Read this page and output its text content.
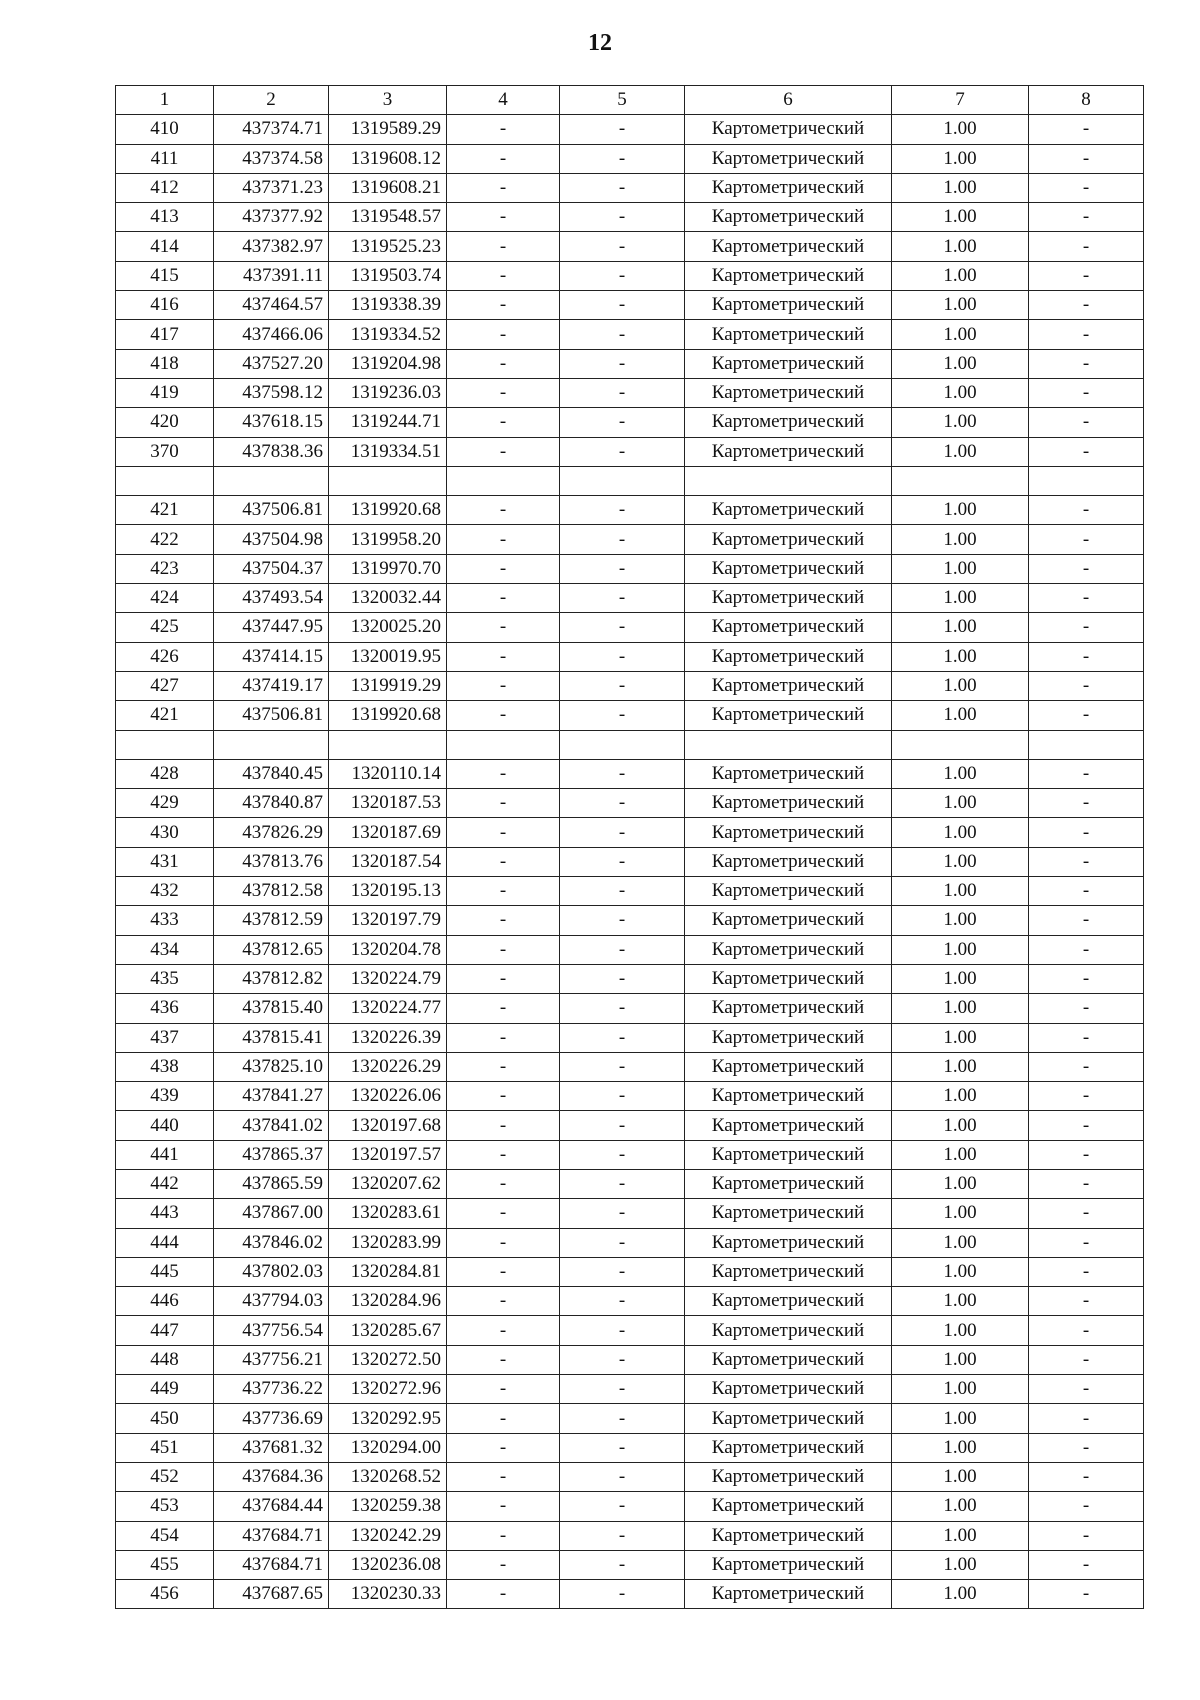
12
1	2	3	4	5	6	7	8
410	437374.71	1319589.29	-	-	Картометрический	1.00	-
411	437374.58	1319608.12	-	-	Картометрический	1.00	-
412	437371.23	1319608.21	-	-	Картометрический	1.00	-
413	437377.92	1319548.57	-	-	Картометрический	1.00	-
414	437382.97	1319525.23	-	-	Картометрический	1.00	-
415	437391.11	1319503.74	-	-	Картометрический	1.00	-
416	437464.57	1319338.39	-	-	Картометрический	1.00	-
417	437466.06	1319334.52	-	-	Картометрический	1.00	-
418	437527.20	1319204.98	-	-	Картометрический	1.00	-
419	437598.12	1319236.03	-	-	Картометрический	1.00	-
420	437618.15	1319244.71	-	-	Картометрический	1.00	-
370	437838.36	1319334.51	-	-	Картометрический	1.00	-

421	437506.81	1319920.68	-	-	Картометрический	1.00	-
422	437504.98	1319958.20	-	-	Картометрический	1.00	-
423	437504.37	1319970.70	-	-	Картометрический	1.00	-
424	437493.54	1320032.44	-	-	Картометрический	1.00	-
425	437447.95	1320025.20	-	-	Картометрический	1.00	-
426	437414.15	1320019.95	-	-	Картометрический	1.00	-
427	437419.17	1319919.29	-	-	Картометрический	1.00	-
421	437506.81	1319920.68	-	-	Картометрический	1.00	-

428	437840.45	1320110.14	-	-	Картометрический	1.00	-
429	437840.87	1320187.53	-	-	Картометрический	1.00	-
430	437826.29	1320187.69	-	-	Картометрический	1.00	-
431	437813.76	1320187.54	-	-	Картометрический	1.00	-
432	437812.58	1320195.13	-	-	Картометрический	1.00	-
433	437812.59	1320197.79	-	-	Картометрический	1.00	-
434	437812.65	1320204.78	-	-	Картометрический	1.00	-
435	437812.82	1320224.79	-	-	Картометрический	1.00	-
436	437815.40	1320224.77	-	-	Картометрический	1.00	-
437	437815.41	1320226.39	-	-	Картометрический	1.00	-
438	437825.10	1320226.29	-	-	Картометрический	1.00	-
439	437841.27	1320226.06	-	-	Картометрический	1.00	-
440	437841.02	1320197.68	-	-	Картометрический	1.00	-
441	437865.37	1320197.57	-	-	Картометрический	1.00	-
442	437865.59	1320207.62	-	-	Картометрический	1.00	-
443	437867.00	1320283.61	-	-	Картометрический	1.00	-
444	437846.02	1320283.99	-	-	Картометрический	1.00	-
445	437802.03	1320284.81	-	-	Картометрический	1.00	-
446	437794.03	1320284.96	-	-	Картометрический	1.00	-
447	437756.54	1320285.67	-	-	Картометрический	1.00	-
448	437756.21	1320272.50	-	-	Картометрический	1.00	-
449	437736.22	1320272.96	-	-	Картометрический	1.00	-
450	437736.69	1320292.95	-	-	Картометрический	1.00	-
451	437681.32	1320294.00	-	-	Картометрический	1.00	-
452	437684.36	1320268.52	-	-	Картометрический	1.00	-
453	437684.44	1320259.38	-	-	Картометрический	1.00	-
454	437684.71	1320242.29	-	-	Картометрический	1.00	-
455	437684.71	1320236.08	-	-	Картометрический	1.00	-
456	437687.65	1320230.33	-	-	Картометрический	1.00	-
